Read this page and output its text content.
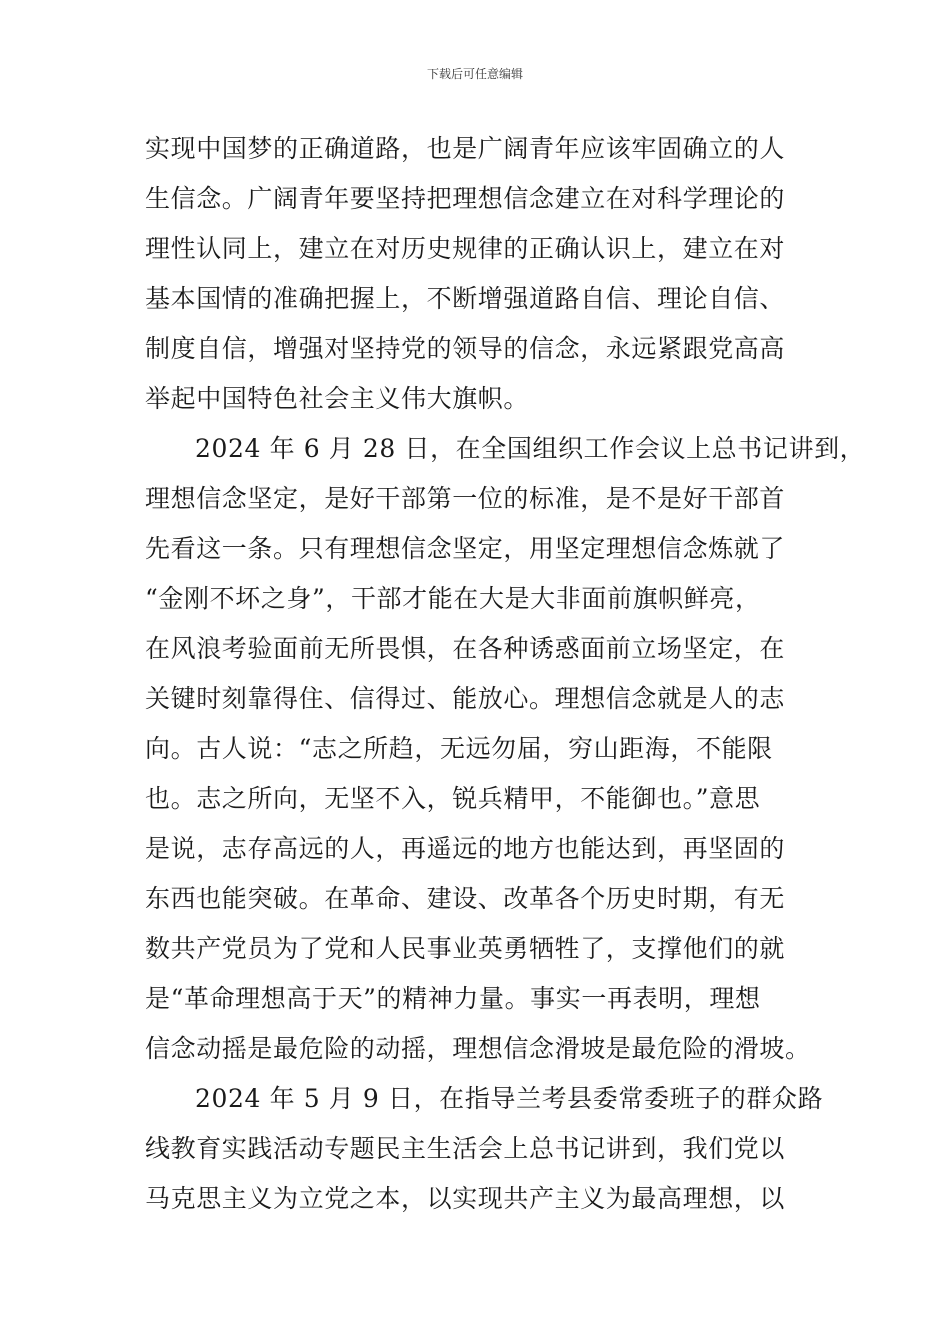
下载后可任意编辑
实现中国梦的正确道路，也是广阔青年应该牢固确立的人
生信念。广阔青年要坚持把理想信念建立在对科学理论的
理性认同上，建立在对历史规律的正确认识上，建立在对
基本国情的准确把握上，不断增强道路自信、理论自信、
制度自信，增强对坚持党的领导的信念，永远紧跟党高高
举起中国特色社会主义伟大旗帜。
2024 年 6 月 28 日，在全国组织工作会议上总书记讲到，
理想信念坚定，是好干部第一位的标准，是不是好干部首
先看这一条。只有理想信念坚定，用坚定理想信念炼就了
“金刚不坏之身”，干部才能在大是大非面前旗帜鲜亮，
在风浪考验面前无所畏惧，在各种诱惑面前立场坚定，在
关键时刻靠得住、信得过、能放心。理想信念就是人的志
向。古人说：“志之所趋，无远勿届，穷山距海，不能限
也。志之所向，无坚不入，锐兵精甲，不能御也。”意思
是说，志存高远的人，再遥远的地方也能达到，再坚固的
东西也能突破。在革命、建设、改革各个历史时期，有无
数共产党员为了党和人民事业英勇牺牲了，支撑他们的就
是“革命理想高于天”的精神力量。事实一再表明，理想
信念动摇是最危险的动摇，理想信念滑坡是最危险的滑坡。
2024 年 5 月 9 日，在指导兰考县委常委班子的群众路
线教育实践活动专题民主生活会上总书记讲到，我们党以
马克思主义为立党之本，以实现共产主义为最高理想，以
